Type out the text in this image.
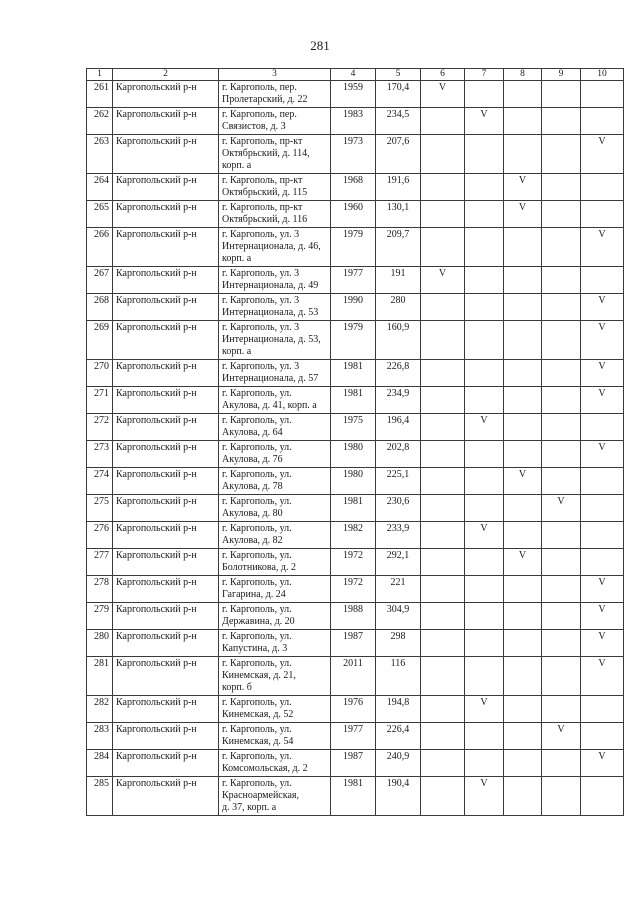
281
1	2	3	4	5	6	7	8	9	10
261	Каргопольский р-н	г. Каргополь, пер.
Пролетарский, д. 22	1959	170,4	V				
262	Каргопольский р-н	г. Каргополь, пер.
Связистов, д. 3	1983	234,5		V			
263	Каргопольский р-н	г. Каргополь, пр-кт
Октябрьский, д. 114,
корп. а	1973	207,6					V
264	Каргопольский р-н	г. Каргополь, пр-кт
Октябрьский, д. 115	1968	191,6			V		
265	Каргопольский р-н	г. Каргополь, пр-кт
Октябрьский, д. 116	1960	130,1			V		
266	Каргопольский р-н	г. Каргополь, ул. 3
Интернационала, д. 46,
корп. а	1979	209,7					V
267	Каргопольский р-н	г. Каргополь, ул. 3
Интернационала, д. 49	1977	191	V				
268	Каргопольский р-н	г. Каргополь, ул. 3
Интернационала, д. 53	1990	280					V
269	Каргопольский р-н	г. Каргополь, ул. 3
Интернационала, д. 53,
корп. а	1979	160,9					V
270	Каргопольский р-н	г. Каргополь, ул. 3
Интернационала, д. 57	1981	226,8					V
271	Каргопольский р-н	г. Каргополь, ул.
Акулова, д. 41, корп. а	1981	234,9					V
272	Каргопольский р-н	г. Каргополь, ул.
Акулова, д. 64	1975	196,4		V			
273	Каргопольский р-н	г. Каргополь, ул.
Акулова, д. 76	1980	202,8					V
274	Каргопольский р-н	г. Каргополь, ул.
Акулова, д. 78	1980	225,1			V		
275	Каргопольский р-н	г. Каргополь, ул.
Акулова, д. 80	1981	230,6				V	
276	Каргопольский р-н	г. Каргополь, ул.
Акулова, д. 82	1982	233,9		V			
277	Каргопольский р-н	г. Каргополь, ул.
Болотникова, д. 2	1972	292,1			V		
278	Каргопольский р-н	г. Каргополь, ул.
Гагарина, д. 24	1972	221					V
279	Каргопольский р-н	г. Каргополь, ул.
Державина, д. 20	1988	304,9					V
280	Каргопольский р-н	г. Каргополь, ул.
Капустина, д. 3	1987	298					V
281	Каргопольский р-н	г. Каргополь, ул.
Кинемская, д. 21,
корп. б	2011	116					V
282	Каргопольский р-н	г. Каргополь, ул.
Кинемская, д. 52	1976	194,8		V			
283	Каргопольский р-н	г. Каргополь, ул.
Кинемская, д. 54	1977	226,4				V	
284	Каргопольский р-н	г. Каргополь, ул.
Комсомольская, д. 2	1987	240,9					V
285	Каргопольский р-н	г. Каргополь, ул.
Красноармейская,
д. 37, корп. а	1981	190,4		V			
